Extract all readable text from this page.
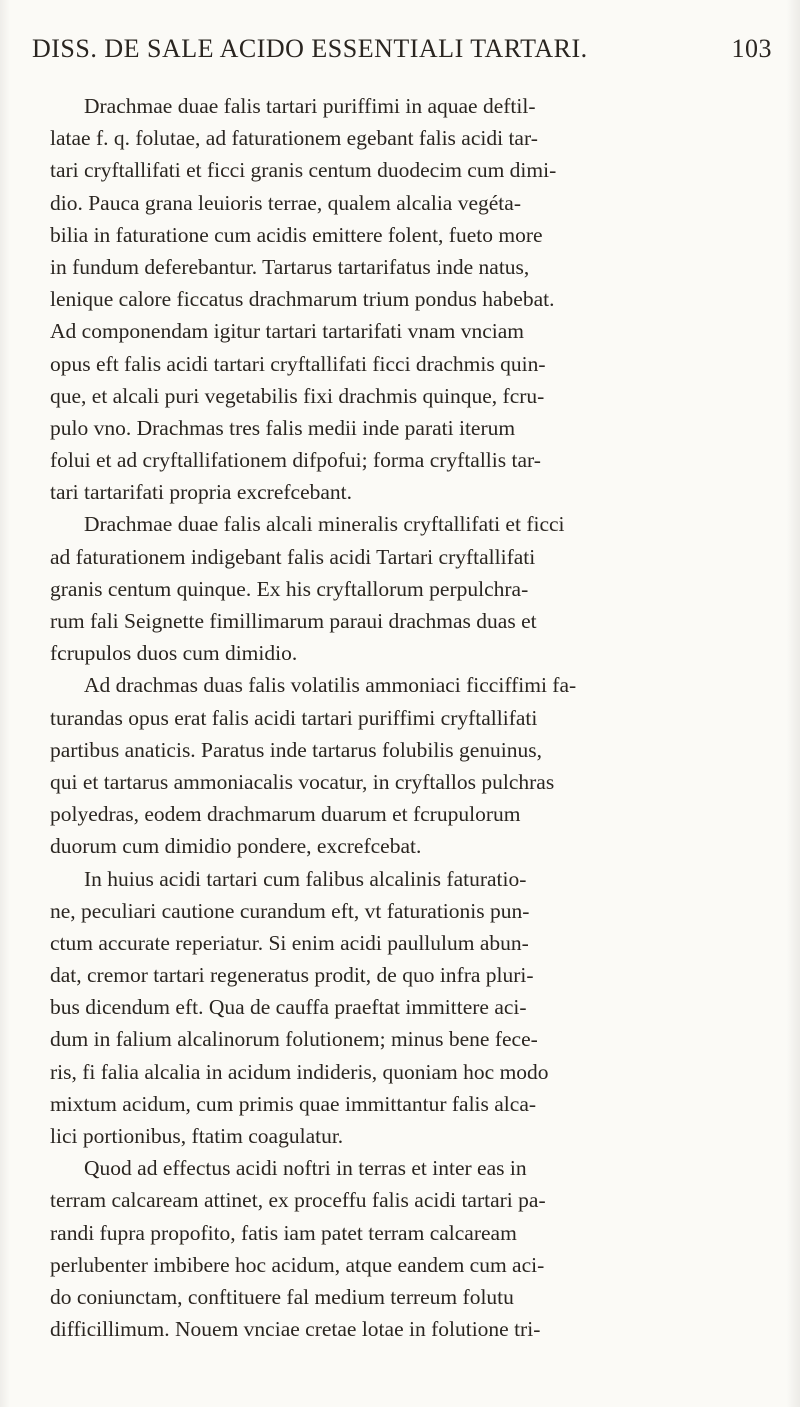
DISS. DE SALE ACIDO ESSENTIALI TARTARI.	103
Drachmae duae falis tartari puriffimi in aquae deftil-
latae f. q. folutae, ad faturationem egebant falis acidi tar-
tari cryftallifati et ficci granis centum duodecim cum dimi-
dio. Pauca grana leuioris terrae, qualem alcalia vegéta-
bilia in faturatione cum acidis emittere folent, fueto more
in fundum deferebantur. Tartarus tartarifatus inde natus,
lenique calore ficcatus drachmarum trium pondus habebat.
Ad componendam igitur tartari tartarifati vnam vnciam
opus eft falis acidi tartari cryftallifati ficci drachmis quin-
que, et alcali puri vegetabilis fixi drachmis quinque, fcru-
pulo vno. Drachmas tres falis medii inde parati iterum
folui et ad cryftallifationem difpofui; forma cryftallis tar-
tari tartarifati propria excrefcebant.
Drachmae duae falis alcali mineralis cryftallifati et ficci
ad faturationem indigebant falis acidi Tartari cryftallifati
granis centum quinque. Ex his cryftallorum perpulchra-
rum fali Seignette fimillimarum paraui drachmas duas et
fcrupulos duos cum dimidio.
Ad drachmas duas falis volatilis ammoniaci ficciffimi fa-
turandas opus erat falis acidi tartari puriffimi cryftallifati
partibus anaticis. Paratus inde tartarus folubilis genuinus,
qui et tartarus ammoniacalis vocatur, in cryftallos pulchras
polyedras, eodem drachmarum duarum et fcrupulorum
duorum cum dimidio pondere, excrefcebat.
In huius acidi tartari cum falibus alcalinis faturatio-
ne, peculiari cautione curandum eft, vt faturationis pun-
ctum accurate reperiatur. Si enim acidi paullulum abun-
dat, cremor tartari regeneratus prodit, de quo infra pluri-
bus dicendum eft. Qua de cauffa praeftat immittere aci-
dum in falium alcalinorum folutionem; minus bene fece-
ris, fi falia alcalia in acidum indideris, quoniam hoc modo
mixtum acidum, cum primis quae immittantur falis alca-
lici portionibus, ftatim coagulatur.
Quod ad effectus acidi noftri in terras et inter eas in
terram calcaream attinet, ex proceffu falis acidi tartari pa-
randi fupra propofito, fatis iam patet terram calcaream
perlubenter imbibere hoc acidum, atque eandem cum aci-
do coniunctam, conftituere fal medium terreum folutu
difficillimum. Nouem vnciae cretae lotae in folutione tri-
